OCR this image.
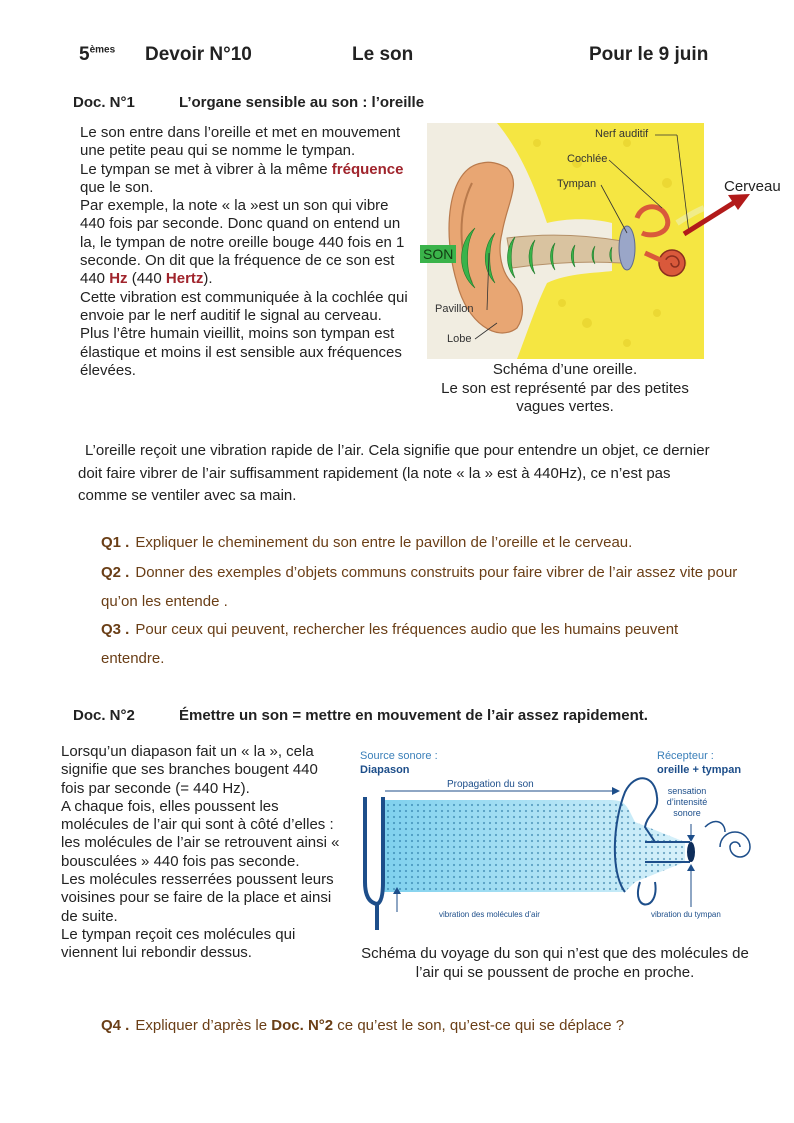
5èmes Devoir N°10	Le son	Pour le 9 juin
Doc. N°1	L’organe sensible au son : l’oreille
Le son entre dans l’oreille et met en mouvement une petite peau qui se nomme le tympan.
Le tympan se met à vibrer à la même fréquence que le son.
Par exemple, la note « la »est un son qui vibre 440 fois par seconde. Donc quand on entend un la, le tympan de notre oreille bouge 440 fois en 1 seconde. On dit que la fréquence de ce son est 440 Hz (440 Hertz).
Cette vibration est communiquée à la cochlée qui envoie par le nerf auditif le signal au cerveau.
Plus l’être humain vieillit, moins son tympan est élastique et moins il est sensible aux fréquences élevées.
Nerf auditif
Cochlée
Tympan
Pavillon
Lobe
SON
Cerveau
Schéma d’une oreille.
Le son est représenté par des petites vagues vertes.
L’oreille reçoit une vibration rapide de l’air. Cela signifie que pour entendre un objet, ce dernier doit faire vibrer de l’air suffisamment rapidement (la note « la » est à 440Hz), ce n’est pas comme se ventiler avec sa main.
Q1 . Expliquer le cheminement du son entre le pavillon de l’oreille et le cerveau.
Q2 . Donner des exemples d’objets communs construits pour faire vibrer de l’air assez vite pour qu’on les entende .
Q3 . Pour ceux qui peuvent, rechercher les fréquences audio que les humains peuvent entendre.
Doc. N°2	Émettre un son = mettre en mouvement de l’air assez rapidement.
Lorsqu’un diapason fait un « la », cela signifie que ses branches bougent 440 fois par seconde (= 440 Hz).
A chaque fois, elles poussent les molécules de l’air qui sont à côté d’elles : les molécules de l’air se retrouvent ainsi « bousculées » 440 fois pas seconde.
Les molécules resserrées poussent leurs voisines pour se faire de la place et ainsi de suite.
Le tympan reçoit ces molécules qui viennent lui rebondir dessus.
Source sonore :
Diapason
Récepteur :
oreille + tympan
Propagation du son
sensation d’intensité sonore
vibration des molécules d’air	vibration du tympan
Schéma du voyage du son qui n’est que des molécules de l’air qui se poussent de proche en proche.
Q4 . Expliquer d’après le Doc. N°2 ce qu’est le son, qu’est-ce qui se déplace ?
